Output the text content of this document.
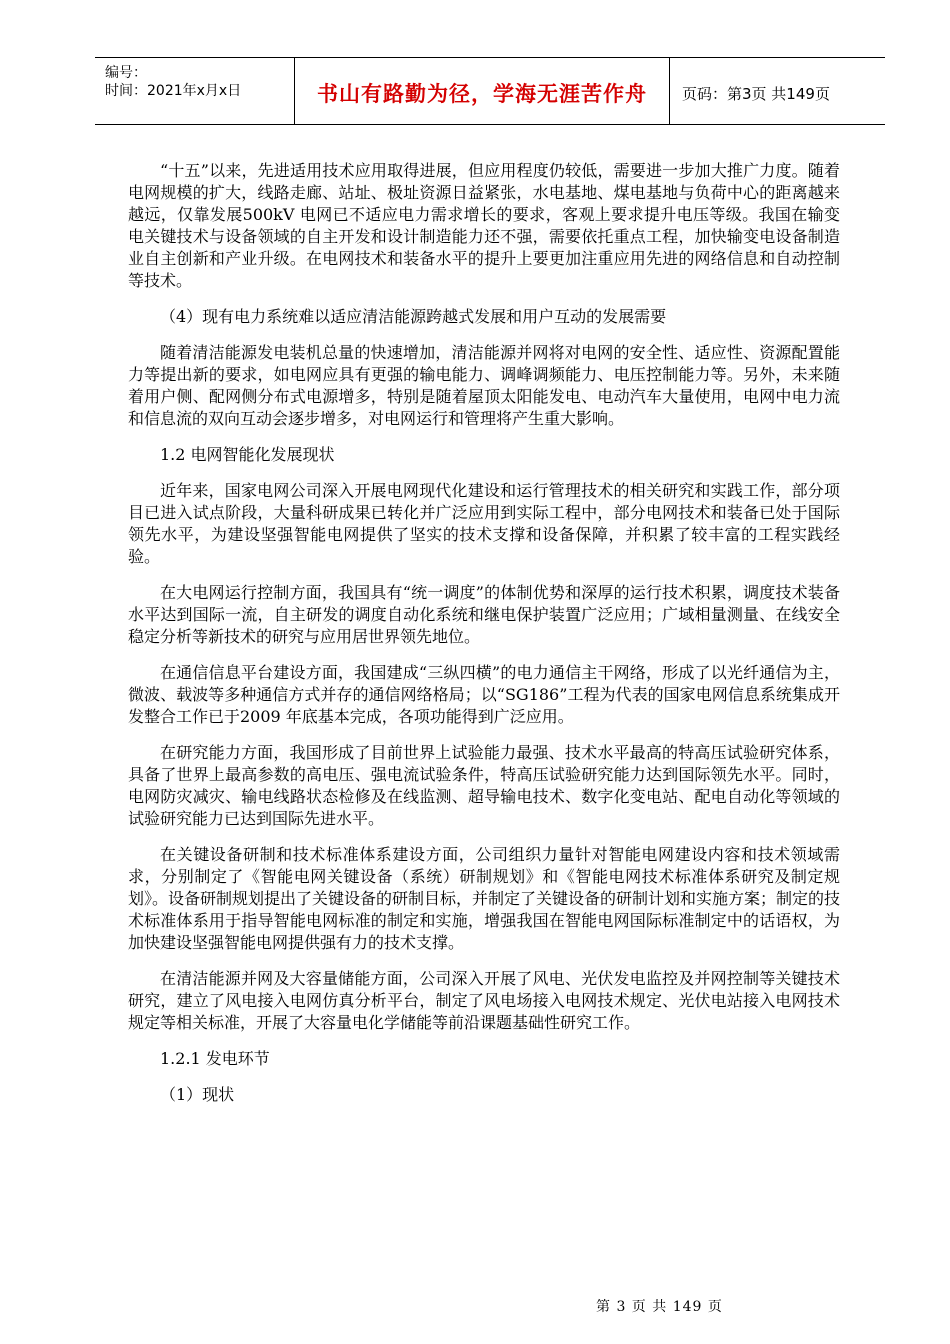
编号：
时间：2021年x月x日	书山有路勤为径，学海无涯苦作舟	页码：第3页 共149页

“十五”以来，先进适用技术应用取得进展，但应用程度仍较低，需要进一步加大推广力度。随着电网规模的扩大，线路走廊、站址、极址资源日益紧张，水电基地、煤电基地与负荷中心的距离越来越远，仅靠发展500kV 电网已不适应电力需求增长的要求，客观上要求提升电压等级。我国在输变电关键技术与设备领域的自主开发和设计制造能力还不强，需要依托重点工程，加快输变电设备制造业自主创新和产业升级。在电网技术和装备水平的提升上要更加注重应用先进的网络信息和自动控制等技术。

（4）现有电力系统难以适应清洁能源跨越式发展和用户互动的发展需要

随着清洁能源发电装机总量的快速增加，清洁能源并网将对电网的安全性、适应性、资源配置能力等提出新的要求，如电网应具有更强的输电能力、调峰调频能力、电压控制能力等。另外，未来随着用户侧、配网侧分布式电源增多，特别是随着屋顶太阳能发电、电动汽车大量使用，电网中电力流和信息流的双向互动会逐步增多，对电网运行和管理将产生重大影响。

1.2 电网智能化发展现状

近年来，国家电网公司深入开展电网现代化建设和运行管理技术的相关研究和实践工作，部分项目已进入试点阶段，大量科研成果已转化并广泛应用到实际工程中，部分电网技术和装备已处于国际领先水平，为建设坚强智能电网提供了坚实的技术支撑和设备保障，并积累了较丰富的工程实践经验。

在大电网运行控制方面，我国具有“统一调度”的体制优势和深厚的运行技术积累，调度技术装备水平达到国际一流，自主研发的调度自动化系统和继电保护装置广泛应用；广域相量测量、在线安全稳定分析等新技术的研究与应用居世界领先地位。

在通信信息平台建设方面，我国建成“三纵四横”的电力通信主干网络，形成了以光纤通信为主，微波、载波等多种通信方式并存的通信网络格局；以“SG186”工程为代表的国家电网信息系统集成开发整合工作已于2009 年底基本完成，各项功能得到广泛应用。

在研究能力方面，我国形成了目前世界上试验能力最强、技术水平最高的特高压试验研究体系，具备了世界上最高参数的高电压、强电流试验条件，特高压试验研究能力达到国际领先水平。同时，电网防灾减灾、输电线路状态检修及在线监测、超导输电技术、数字化变电站、配电自动化等领域的试验研究能力已达到国际先进水平。

在关键设备研制和技术标准体系建设方面，公司组织力量针对智能电网建设内容和技术领域需求，分别制定了《智能电网关键设备（系统）研制规划》和《智能电网技术标准体系研究及制定规划》。设备研制规划提出了关键设备的研制目标，并制定了关键设备的研制计划和实施方案；制定的技术标准体系用于指导智能电网标准的制定和实施，增强我国在智能电网国际标准制定中的话语权，为加快建设坚强智能电网提供强有力的技术支撑。

在清洁能源并网及大容量储能方面，公司深入开展了风电、光伏发电监控及并网控制等关键技术研究，建立了风电接入电网仿真分析平台，制定了风电场接入电网技术规定、光伏电站接入电网技术规定等相关标准，开展了大容量电化学储能等前沿课题基础性研究工作。

1.2.1 发电环节

（1）现状

第 3 页 共 149 页
